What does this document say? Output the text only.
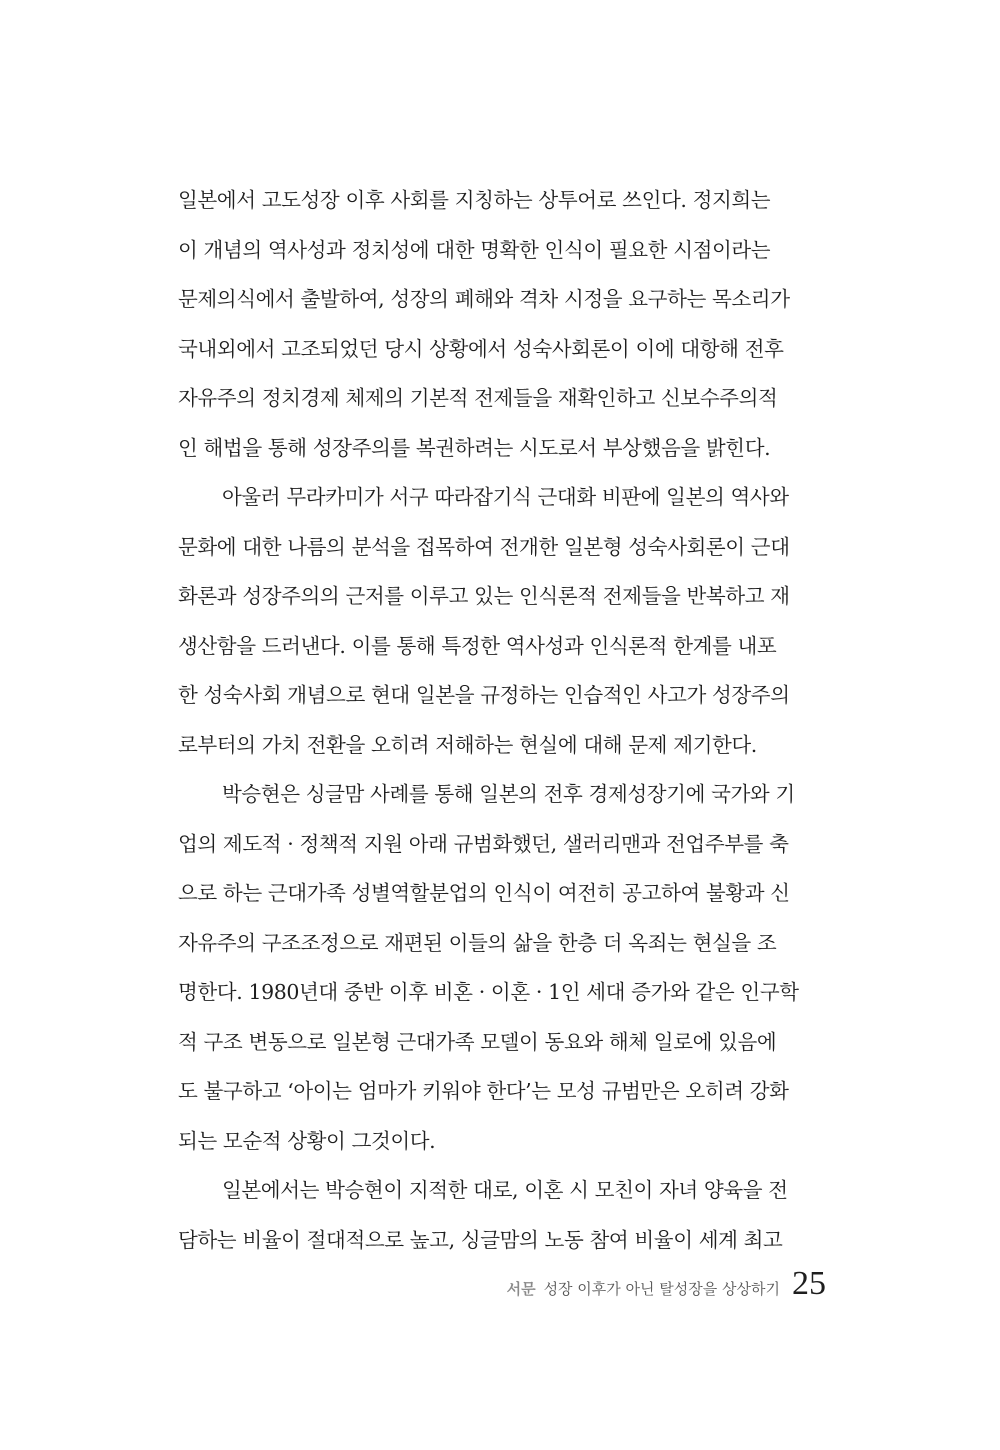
일본에서 고도성장 이후 사회를 지칭하는 상투어로 쓰인다. 정지희는
이 개념의 역사성과 정치성에 대한 명확한 인식이 필요한 시점이라는
문제의식에서 출발하여, 성장의 폐해와 격차 시정을 요구하는 목소리가
국내외에서 고조되었던 당시 상황에서 성숙사회론이 이에 대항해 전후
자유주의 정치경제 체제의 기본적 전제들을 재확인하고 신보수주의적
인 해법을 통해 성장주의를 복권하려는 시도로서 부상했음을 밝힌다.
아울러 무라카미가 서구 따라잡기식 근대화 비판에 일본의 역사와
문화에 대한 나름의 분석을 접목하여 전개한 일본형 성숙사회론이 근대
화론과 성장주의의 근저를 이루고 있는 인식론적 전제들을 반복하고 재
생산함을 드러낸다. 이를 통해 특정한 역사성과 인식론적 한계를 내포
한 성숙사회 개념으로 현대 일본을 규정하는 인습적인 사고가 성장주의
로부터의 가치 전환을 오히려 저해하는 현실에 대해 문제 제기한다.
박승현은 싱글맘 사례를 통해 일본의 전후 경제성장기에 국가와 기
업의 제도적 · 정책적 지원 아래 규범화했던, 샐러리맨과 전업주부를 축
으로 하는 근대가족 성별역할분업의 인식이 여전히 공고하여 불황과 신
자유주의 구조조정으로 재편된 이들의 삶을 한층 더 옥죄는 현실을 조
명한다. 1980년대 중반 이후 비혼 · 이혼 · 1인 세대 증가와 같은 인구학
적 구조 변동으로 일본형 근대가족 모델이 동요와 해체 일로에 있음에
도 불구하고 ‘아이는 엄마가 키워야 한다’는 모성 규범만은 오히려 강화
되는 모순적 상황이 그것이다.
일본에서는 박승현이 지적한 대로, 이혼 시 모친이 자녀 양육을 전
담하는 비율이 절대적으로 높고, 싱글맘의 노동 참여 비율이 세계 최고
서문 성장 이후가 아닌 탈성장을 상상하기 25
